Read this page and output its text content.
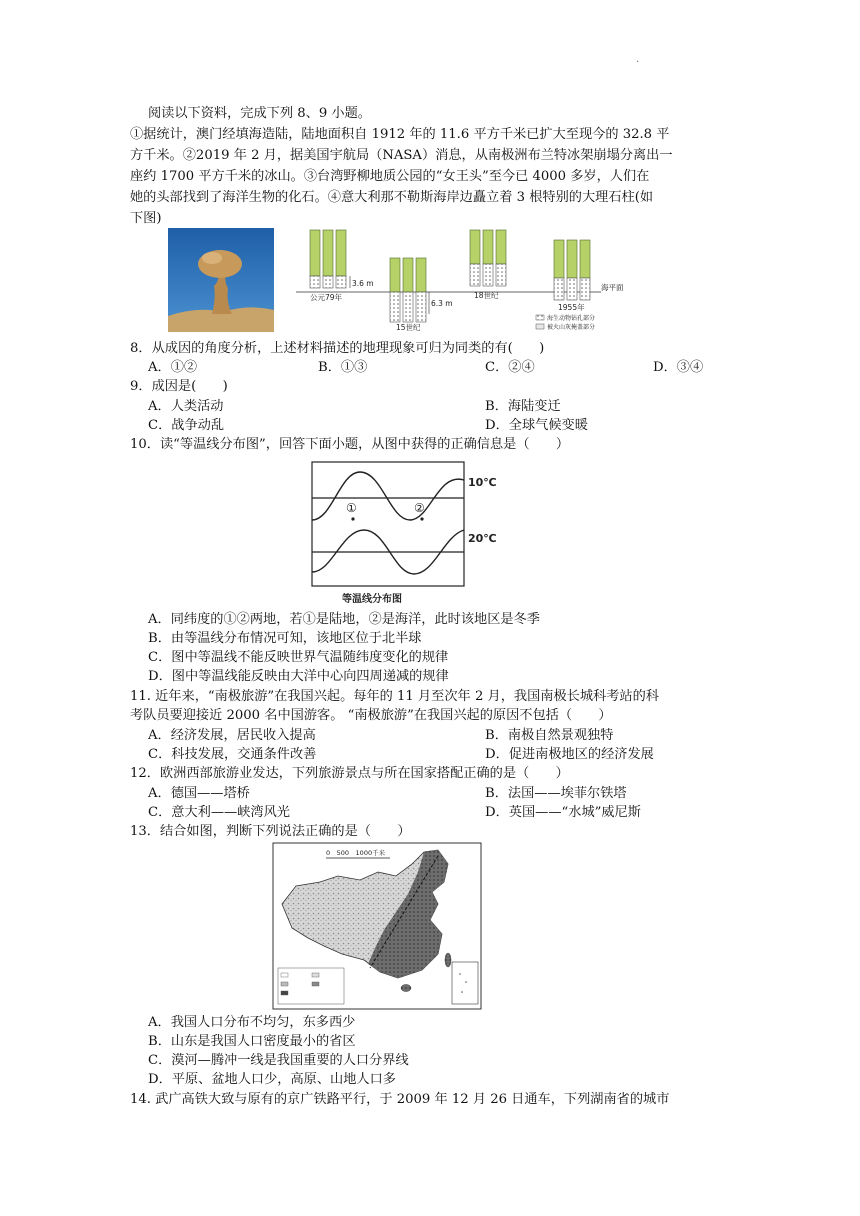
.
阅读以下资料，完成下列 8、9 小题。
①据统计，澳门经填海造陆，陆地面积自 1912 年的 11.6 平方千米已扩大至现今的 32.8 平
方千米。②2019 年 2 月，据美国宇航局（NASA）消息，从南极洲布兰特冰架崩塌分离出一
座约 1700 平方千米的冰山。③台湾野柳地质公园的“女王头”至今已 4000 多岁，人们在
她的头部找到了海洋生物的化石。④意大利那不勒斯海岸边矗立着 3 根特别的大理石柱(如
下图)
3.6 m
6.3 m
公元79年
15世纪
18世纪
1955年
海平面
海生动物钻孔部分
被火山灰掩盖部分
8．从成因的角度分析，上述材料描述的地理现象可归为同类的有(　　)
A．①②	B．①③	C．②④	D．③④
9．成因是(　　)
A．人类活动	B．海陆变迁
C．战争动乱	D．全球气候变暖
10．读“等温线分布图”，回答下面小题，从图中获得的正确信息是（　　）
①	②
10℃
20℃
等温线分布图
A．同纬度的①②两地，若①是陆地，②是海洋，此时该地区是冬季
B．由等温线分布情况可知，该地区位于北半球
C．图中等温线不能反映世界气温随纬度变化的规律
D．图中等温线能反映由大洋中心向四周递减的规律
11. 近年来，“南极旅游”在我国兴起。每年的 11 月至次年 2 月，我国南极长城科考站的科
考队员要迎接近 2000 名中国游客。 “南极旅游”在我国兴起的原因不包括（　　）
A．经济发展，居民收入提高	B．南极自然景观独特
C．科技发展，交通条件改善	D．促进南极地区的经济发展
12．欧洲西部旅游业发达，下列旅游景点与所在国家搭配正确的是（　　）
A．德国——塔桥	B．法国——埃菲尔铁塔
C．意大利——峡湾风光	D．英国——“水城”威尼斯
13．结合如图，判断下列说法正确的是（　　）
0　500　1000千米
A．我国人口分布不均匀，东多西少
B．山东是我国人口密度最小的省区
C．漠河—腾冲一线是我国重要的人口分界线
D．平原、盆地人口少，高原、山地人口多
14. 武广高铁大致与原有的京广铁路平行，于 2009 年 12 月 26 日通车，下列湖南省的城市
